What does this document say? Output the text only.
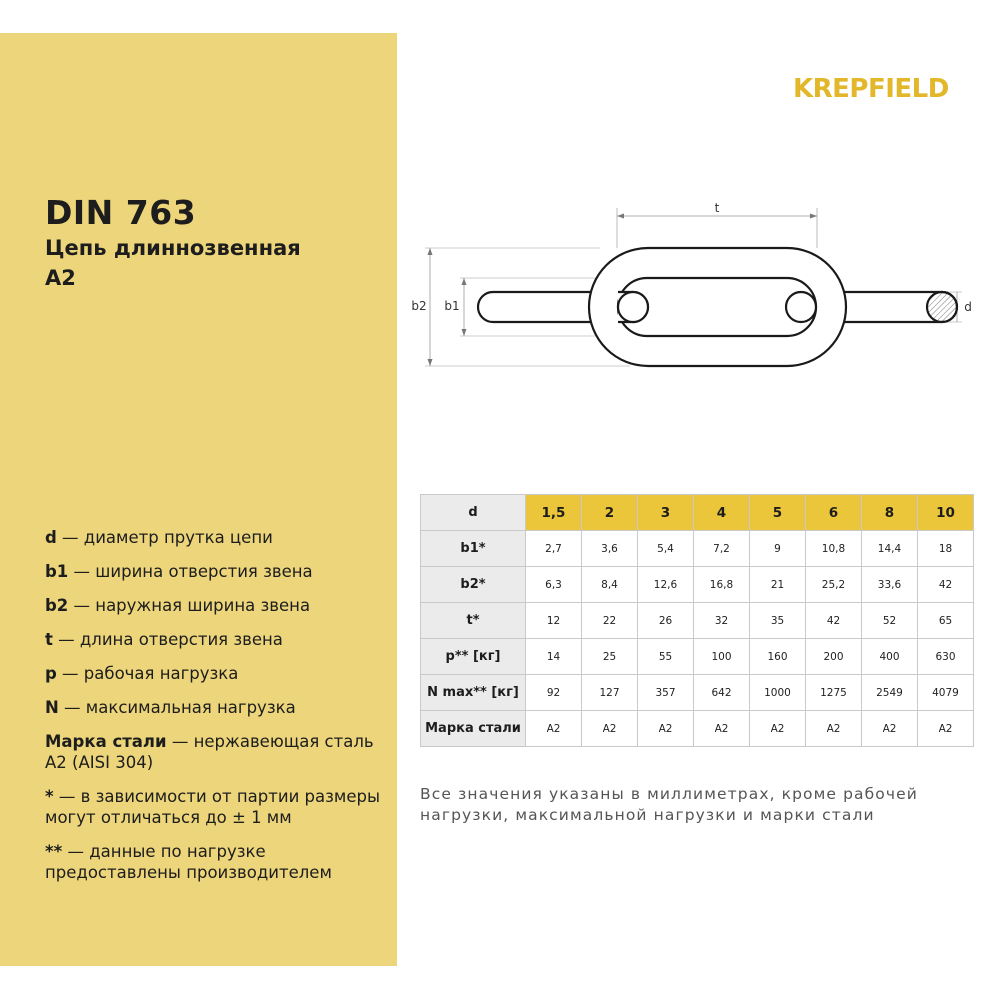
DIN 763
Цепь длиннозвенная
A2
d — диаметр прутка цепи
b1 — ширина отверстия звена
b2 — наружная ширина звена
t — длина отверстия звена
p — рабочая нагрузка
N — максимальная нагрузка
Марка стали — нержавеющая сталь A2 (AISI 304)
* — в зависимости от партии размеры могут отличаться до ± 1 мм
** — данные по нагрузке предоставлены производителем
KREPFIELD
t
b2 b1	d
d	1,5	2	3	4	5	6	8	10
b1*	2,7	3,6	5,4	7,2	9	10,8	14,4	18
b2*	6,3	8,4	12,6	16,8	21	25,2	33,6	42
t*	12	22	26	32	35	42	52	65
p** [кг]	14	25	55	100	160	200	400	630
N max** [кг]	92	127	357	642	1000	1275	2549	4079
Марка стали	A2	A2	A2	A2	A2	A2	A2	A2
Все значения указаны в миллиметрах, кроме рабочей нагрузки, максимальной нагрузки и марки стали
